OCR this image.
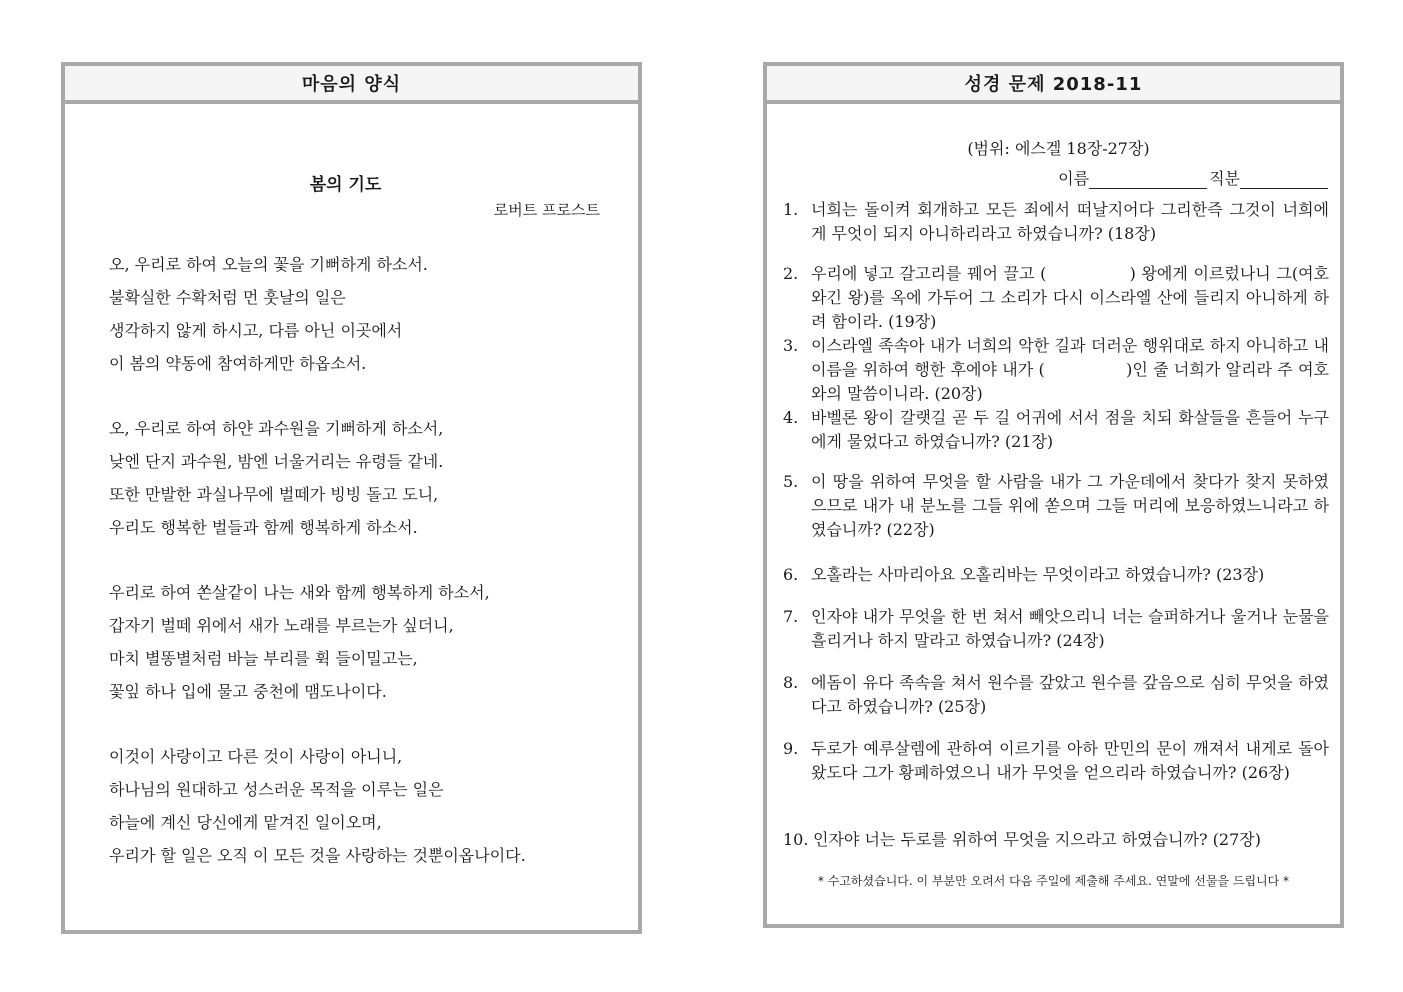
마음의 양식
봄의 기도
로버트 프로스트
오, 우리로 하여 오늘의 꽃을 기뻐하게 하소서.
불확실한 수확처럼 먼 훗날의 일은
생각하지 않게 하시고, 다름 아닌 이곳에서
이 봄의 약동에 참여하게만 하옵소서.
오, 우리로 하여 하얀 과수원을 기뻐하게 하소서,
낮엔 단지 과수원, 밤엔 너울거리는 유령들 같네.
또한 만발한 과실나무에 벌떼가 빙빙 돌고 도니,
우리도 행복한 벌들과 함께 행복하게 하소서.
우리로 하여 쏜살같이 나는 새와 함께 행복하게 하소서,
갑자기 벌떼 위에서 새가 노래를 부르는가 싶더니,
마치 별똥별처럼 바늘 부리를 휙 들이밀고는,
꽃잎 하나 입에 물고 중천에 맴도나이다.
이것이 사랑이고 다른 것이 사랑이 아니니,
하나님의 원대하고 성스러운 목적을 이루는 일은
하늘에 계신 당신에게 맡겨진 일이오며,
우리가 할 일은 오직 이 모든 것을 사랑하는 것뿐이옵나이다.
성경 문제 2018-11
(범위: 에스겔 18장-27장)
이름	직분
1. 너희는 돌이켜 회개하고 모든 죄에서 떠날지어다 그리한즉 그것이 너희에게 무엇이 되지 아니하리라고 하였습니까? (18장)
2. 우리에 넣고 갈고리를 꿰어 끌고 (　　　　　) 왕에게 이르렀나니 그(여호와긴 왕)를 옥에 가두어 그 소리가 다시 이스라엘 산에 들리지 아니하게 하려 함이라. (19장)
3. 이스라엘 족속아 내가 너희의 악한 길과 더러운 행위대로 하지 아니하고 내 이름을 위하여 행한 후에야 내가 (　　　　　)인 줄 너희가 알리라 주 여호와의 말씀이니라. (20장)
4. 바벨론 왕이 갈랫길 곧 두 길 어귀에 서서 점을 치되 화살들을 흔들어 누구에게 물었다고 하였습니까? (21장)
5. 이 땅을 위하여 무엇을 할 사람을 내가 그 가운데에서 찾다가 찾지 못하였으므로 내가 내 분노를 그들 위에 쏟으며 그들 머리에 보응하였느니라고 하였습니까? (22장)
6. 오홀라는 사마리아요 오홀리바는 무엇이라고 하였습니까? (23장)
7. 인자야 내가 무엇을 한 번 쳐서 빼앗으리니 너는 슬퍼하거나 울거나 눈물을 흘리거나 하지 말라고 하였습니까? (24장)
8. 에돔이 유다 족속을 쳐서 원수를 갚았고 원수를 갚음으로 심히 무엇을 하였다고 하였습니까? (25장)
9. 두로가 예루살렘에 관하여 이르기를 아하 만민의 문이 깨져서 내게로 돌아왔도다 그가 황폐하였으니 내가 무엇을 얻으리라 하였습니까? (26장)
10. 인자야 너는 두로를 위하여 무엇을 지으라고 하였습니까? (27장)
* 수고하셨습니다. 이 부분만 오려서 다음 주일에 제출해 주세요. 연말에 선물을 드립니다 *
